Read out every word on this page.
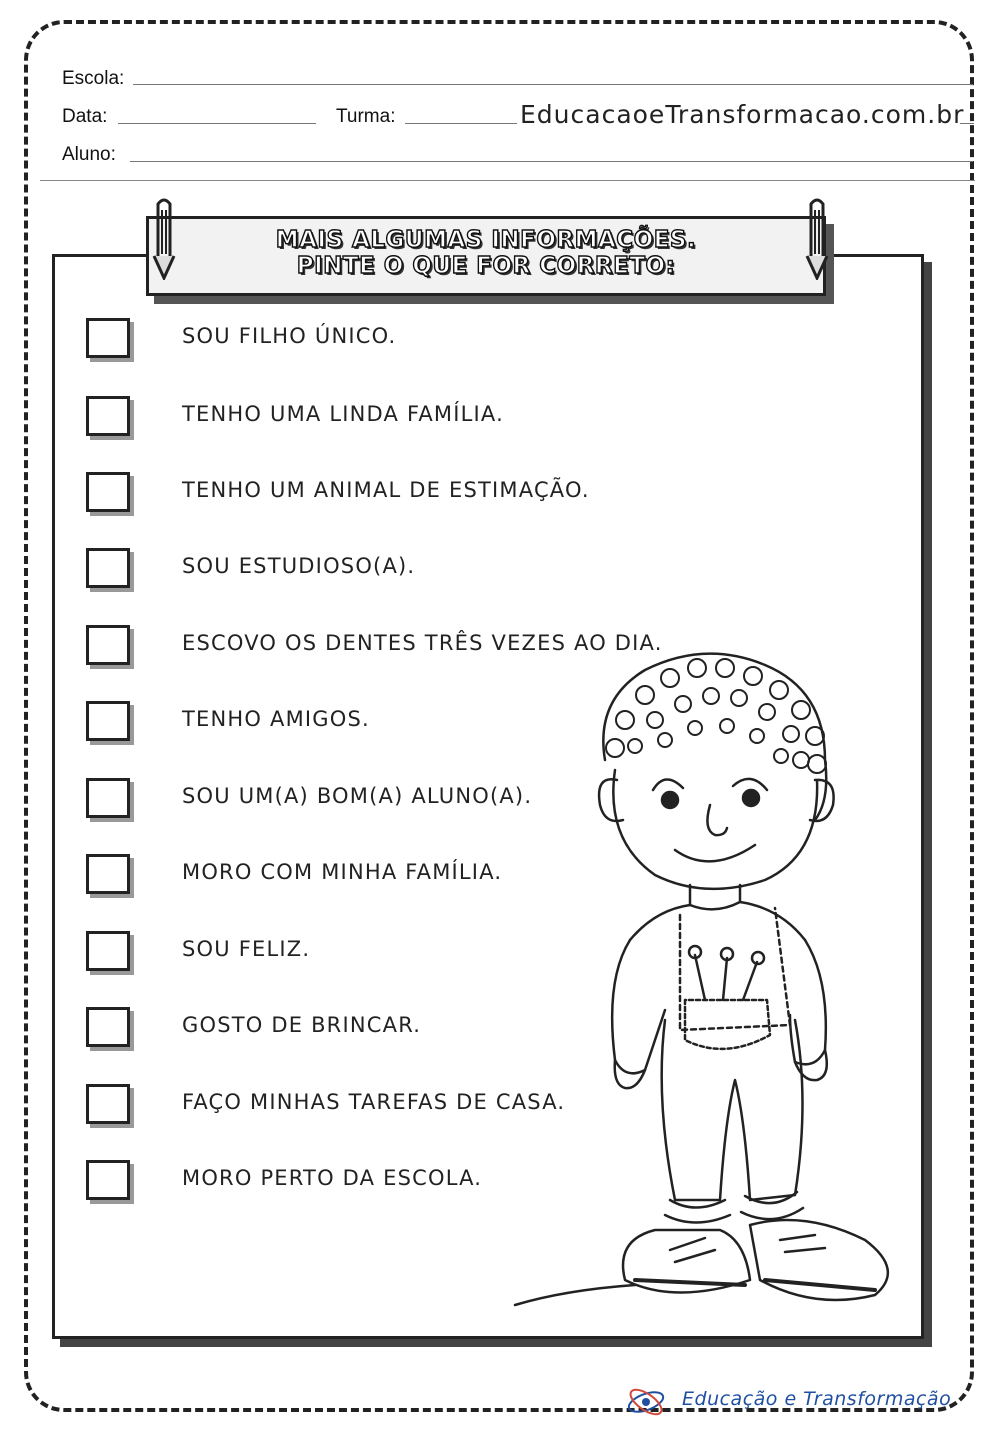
Escola:
Data:	Turma:	EducacaoeTransformacao.com.br
Aluno:
MAIS ALGUMAS INFORMAÇÕES.
PINTE O QUE FOR CORRETO:
SOU FILHO ÚNICO.
TENHO UMA LINDA FAMÍLIA.
TENHO UM ANIMAL DE ESTIMAÇÃO.
SOU ESTUDIOSO(A).
ESCOVO OS DENTES TRÊS VEZES AO DIA.
TENHO AMIGOS.
SOU UM(A) BOM(A) ALUNO(A).
MORO COM MINHA FAMÍLIA.
SOU FELIZ.
GOSTO DE BRINCAR.
FAÇO MINHAS TAREFAS DE CASA.
MORO PERTO DA ESCOLA.
Educação e Transformação
